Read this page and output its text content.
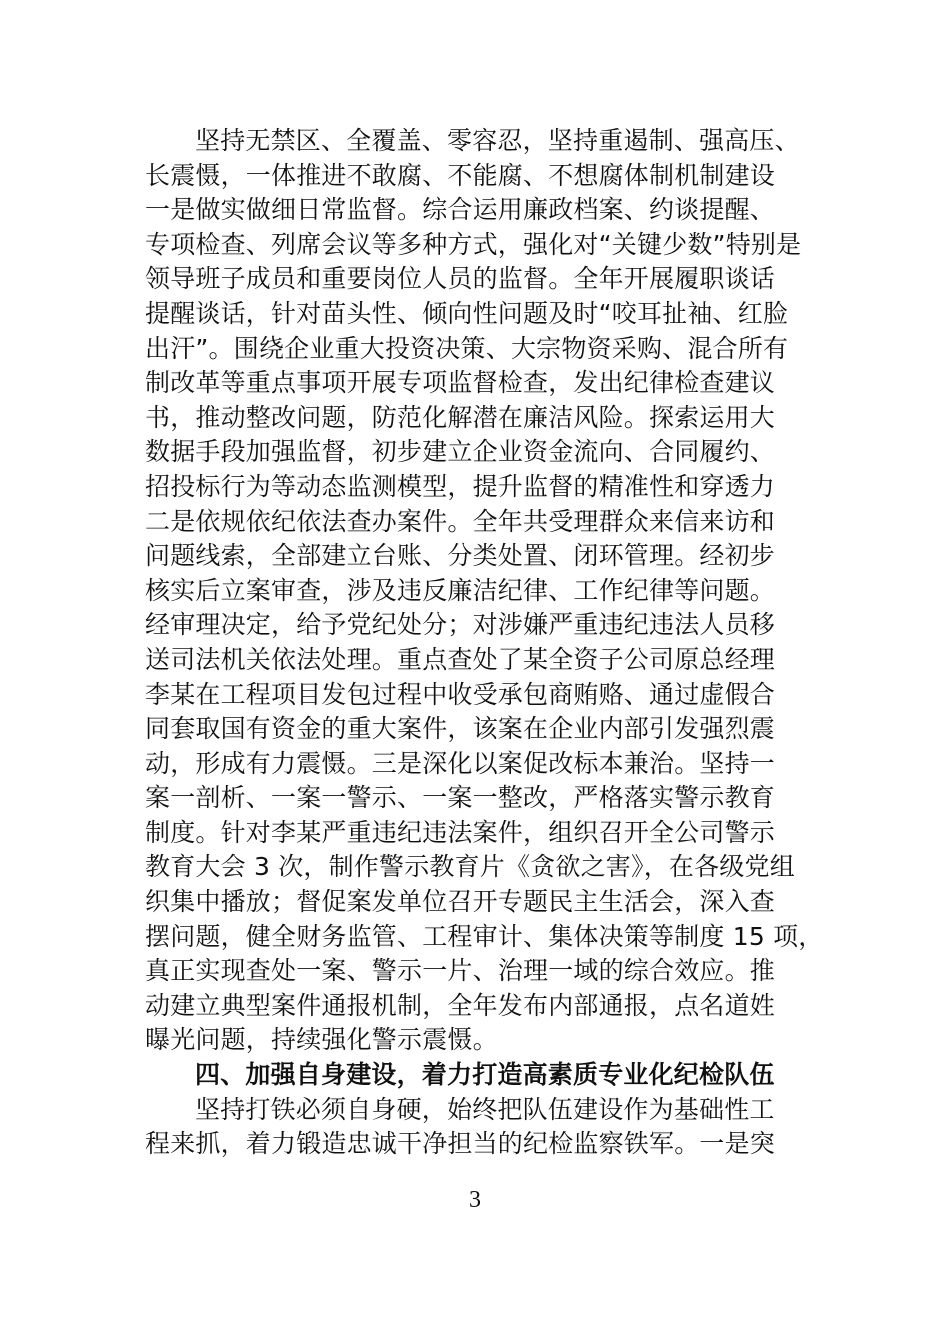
坚持无禁区、全覆盖、零容忍，坚持重遏制、强高压、
长震慑，一体推进不敢腐、不能腐、不想腐体制机制建设
一是做实做细日常监督。综合运用廉政档案、约谈提醒、
专项检查、列席会议等多种方式，强化对“关键少数”特别是
领导班子成员和重要岗位人员的监督。全年开展履职谈话
提醒谈话，针对苗头性、倾向性问题及时“咬耳扯袖、红脸
出汗”。围绕企业重大投资决策、大宗物资采购、混合所有
制改革等重点事项开展专项监督检查，发出纪律检查建议
书，推动整改问题，防范化解潜在廉洁风险。探索运用大
数据手段加强监督，初步建立企业资金流向、合同履约、
招投标行为等动态监测模型，提升监督的精准性和穿透力
二是依规依纪依法查办案件。全年共受理群众来信来访和
问题线索，全部建立台账、分类处置、闭环管理。经初步
核实后立案审查，涉及违反廉洁纪律、工作纪律等问题。
经审理决定，给予党纪处分；对涉嫌严重违纪违法人员移
送司法机关依法处理。重点查处了某全资子公司原总经理
李某在工程项目发包过程中收受承包商贿赂、通过虚假合
同套取国有资金的重大案件，该案在企业内部引发强烈震
动，形成有力震慑。三是深化以案促改标本兼治。坚持一
案一剖析、一案一警示、一案一整改，严格落实警示教育
制度。针对李某严重违纪违法案件，组织召开全公司警示
教育大会 3 次，制作警示教育片《贪欲之害》，在各级党组
织集中播放；督促案发单位召开专题民主生活会，深入查
摆问题，健全财务监管、工程审计、集体决策等制度 15 项，
真正实现查处一案、警示一片、治理一域的综合效应。推
动建立典型案件通报机制，全年发布内部通报，点名道姓
曝光问题，持续强化警示震慑。
四、加强自身建设，着力打造高素质专业化纪检队伍
坚持打铁必须自身硬，始终把队伍建设作为基础性工
程来抓，着力锻造忠诚干净担当的纪检监察铁军。一是突
3
